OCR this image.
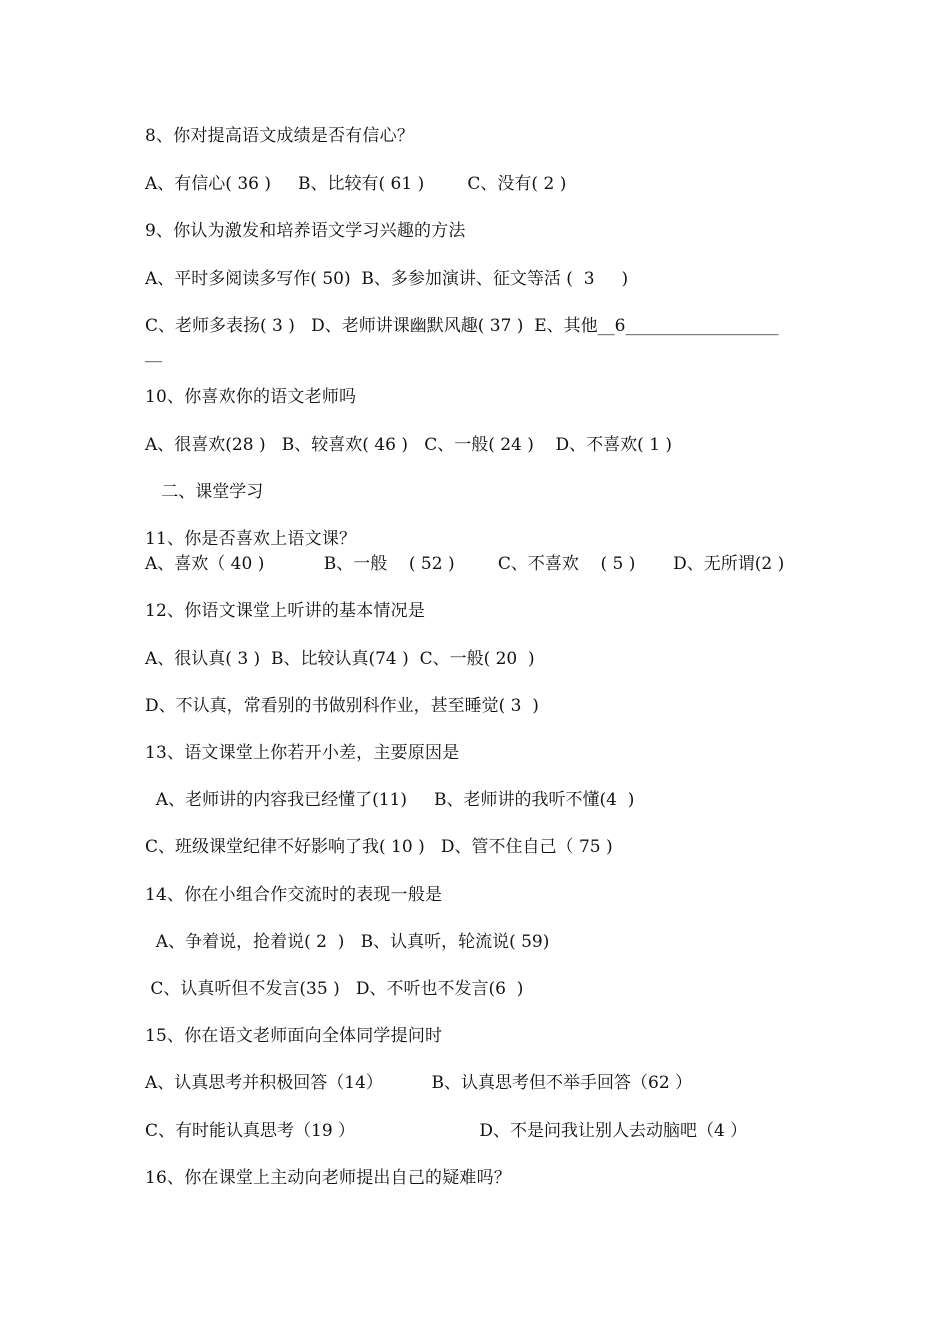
8、你对提高语文成绩是否有信心？
A、有信心( 36 )     B、比较有( 61 )        C、没有( 2 )
9、你认为激发和培养语文学习兴趣的方法
A、平时多阅读多写作( 50)  B、多参加演讲、征文等活 (  3     )
C、老师多表扬( 3 )   D、老师讲课幽默风趣( 37 )  E、其他__6__________________
__
10、你喜欢你的语文老师吗
A、很喜欢(28 )   B、较喜欢( 46 )   C、一般( 24 )    D、不喜欢( 1 )
二、课堂学习
11、你是否喜欢上语文课？
A、喜欢（ 40 )           B、一般    ( 52 )        C、不喜欢    ( 5 )       D、无所谓(2 )
12、你语文课堂上听讲的基本情况是
A、很认真( 3 )  B、比较认真(74 )  C、一般( 20  )
D、不认真，常看别的书做别科作业，甚至睡觉( 3  )
13、语文课堂上你若开小差，主要原因是
A、老师讲的内容我已经懂了(11)     B、老师讲的我听不懂(4  )
C、班级课堂纪律不好影响了我( 10 )   D、管不住自己（ 75 )
14、你在小组合作交流时的表现一般是
A、争着说，抢着说( 2  )   B、认真听，轮流说( 59)
C、认真听但不发言(35 )   D、不听也不发言(6  )
15、你在语文老师面向全体同学提问时
A、认真思考并积极回答（14）         B、认真思考但不举手回答（62 ）
C、有时能认真思考（19 ）                       D、不是问我让别人去动脑吧（4 ）
16、你在课堂上主动向老师提出自己的疑难吗？
